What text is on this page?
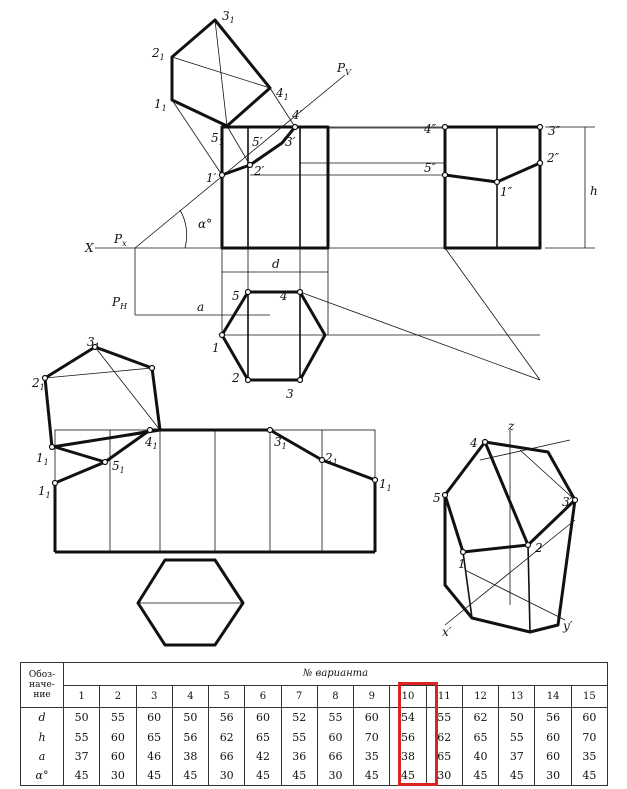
$P_V$
X
$P_x$
$P_H$
α°
d
a
h
1′	2′
3′
4′
5′
1″
2″
3″
4″
5″
1
2
3
4
5
$1_1$
$2_1$
$3_1$
$4_1$
$5_1$
$1_1$
$1_1$
$2_1$
$3_1$
$4_1$
$5_1$
$3_1$
$2_1$
$1_1$
z
4
5	3′
2
1
x′	y′
Обоз-
наче-
ние	№ варианта														
	1	2	3	4	5	6	7	8	9	10	11	12	13	14	15
d	50	55	60	50	56	60	52	55	60	54	55	62	50	56	60
h	55	60	65	56	62	65	55	60	70	56	62	65	55	60	70
a	37	60	46	38	66	42	36	66	35	38	65	40	37	60	35
α°	45	30	45	45	30	45	45	30	45	45	30	45	45	30	45
